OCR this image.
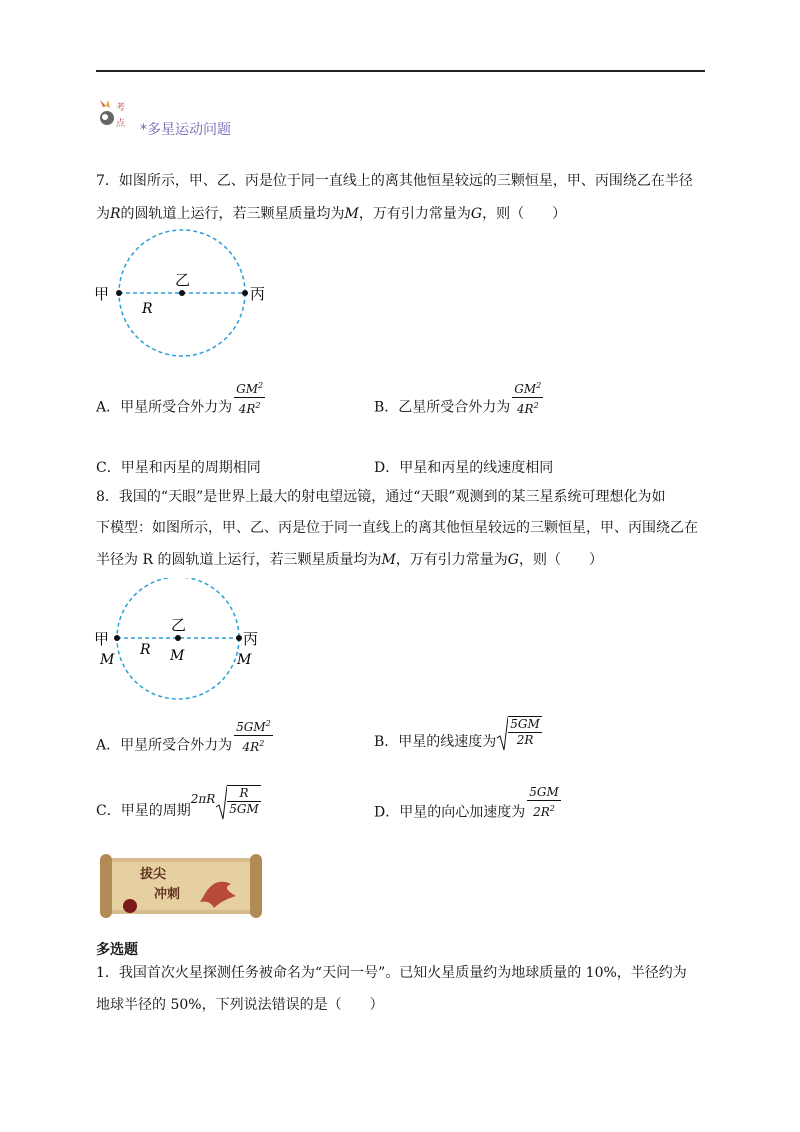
考
点 *多星运动问题
7．如图所示，甲、乙、丙是位于同一直线上的离其他恒星较远的三颗恒星，甲、丙围绕乙在半径
为R的圆轨道上运行，若三颗星质量均为M，万有引力常量为G，则（　　）
甲
乙
丙
R
A．甲星所受合外力为 $\frac{GM^2}{4R^2}$	B．乙星所受合外力为 $\frac{GM^2}{4R^2}$
C．甲星和丙星的周期相同	D．甲星和丙星的线速度相同
8．我国的“天眼”是世界上最大的射电望远镜，通过“天眼”观测到的某三星系统可理想化为如
下模型：如图所示，甲、乙、丙是位于同一直线上的离其他恒星较远的三颗恒星，甲、丙围绕乙在
半径为 R 的圆轨道上运行，若三颗星质量均为M，万有引力常量为G，则（　　）
甲
乙
丙
R
M	M	M
A．甲星所受合外力为 $\frac{5GM^2}{4R^2}$	B．甲星的线速度为 $\frac{5GM}{2R}$
C．甲星的周期$2\pi R \frac{R}{5GM}$	D．甲星的向心加速度为 $\frac{5GM}{2R^2}$
拔尖
冲刺
多选题
1．我国首次火星探测任务被命名为“天问一号”。已知火星质量约为地球质量的 10%，半径约为
地球半径的 50%，下列说法错误的是（　　）
